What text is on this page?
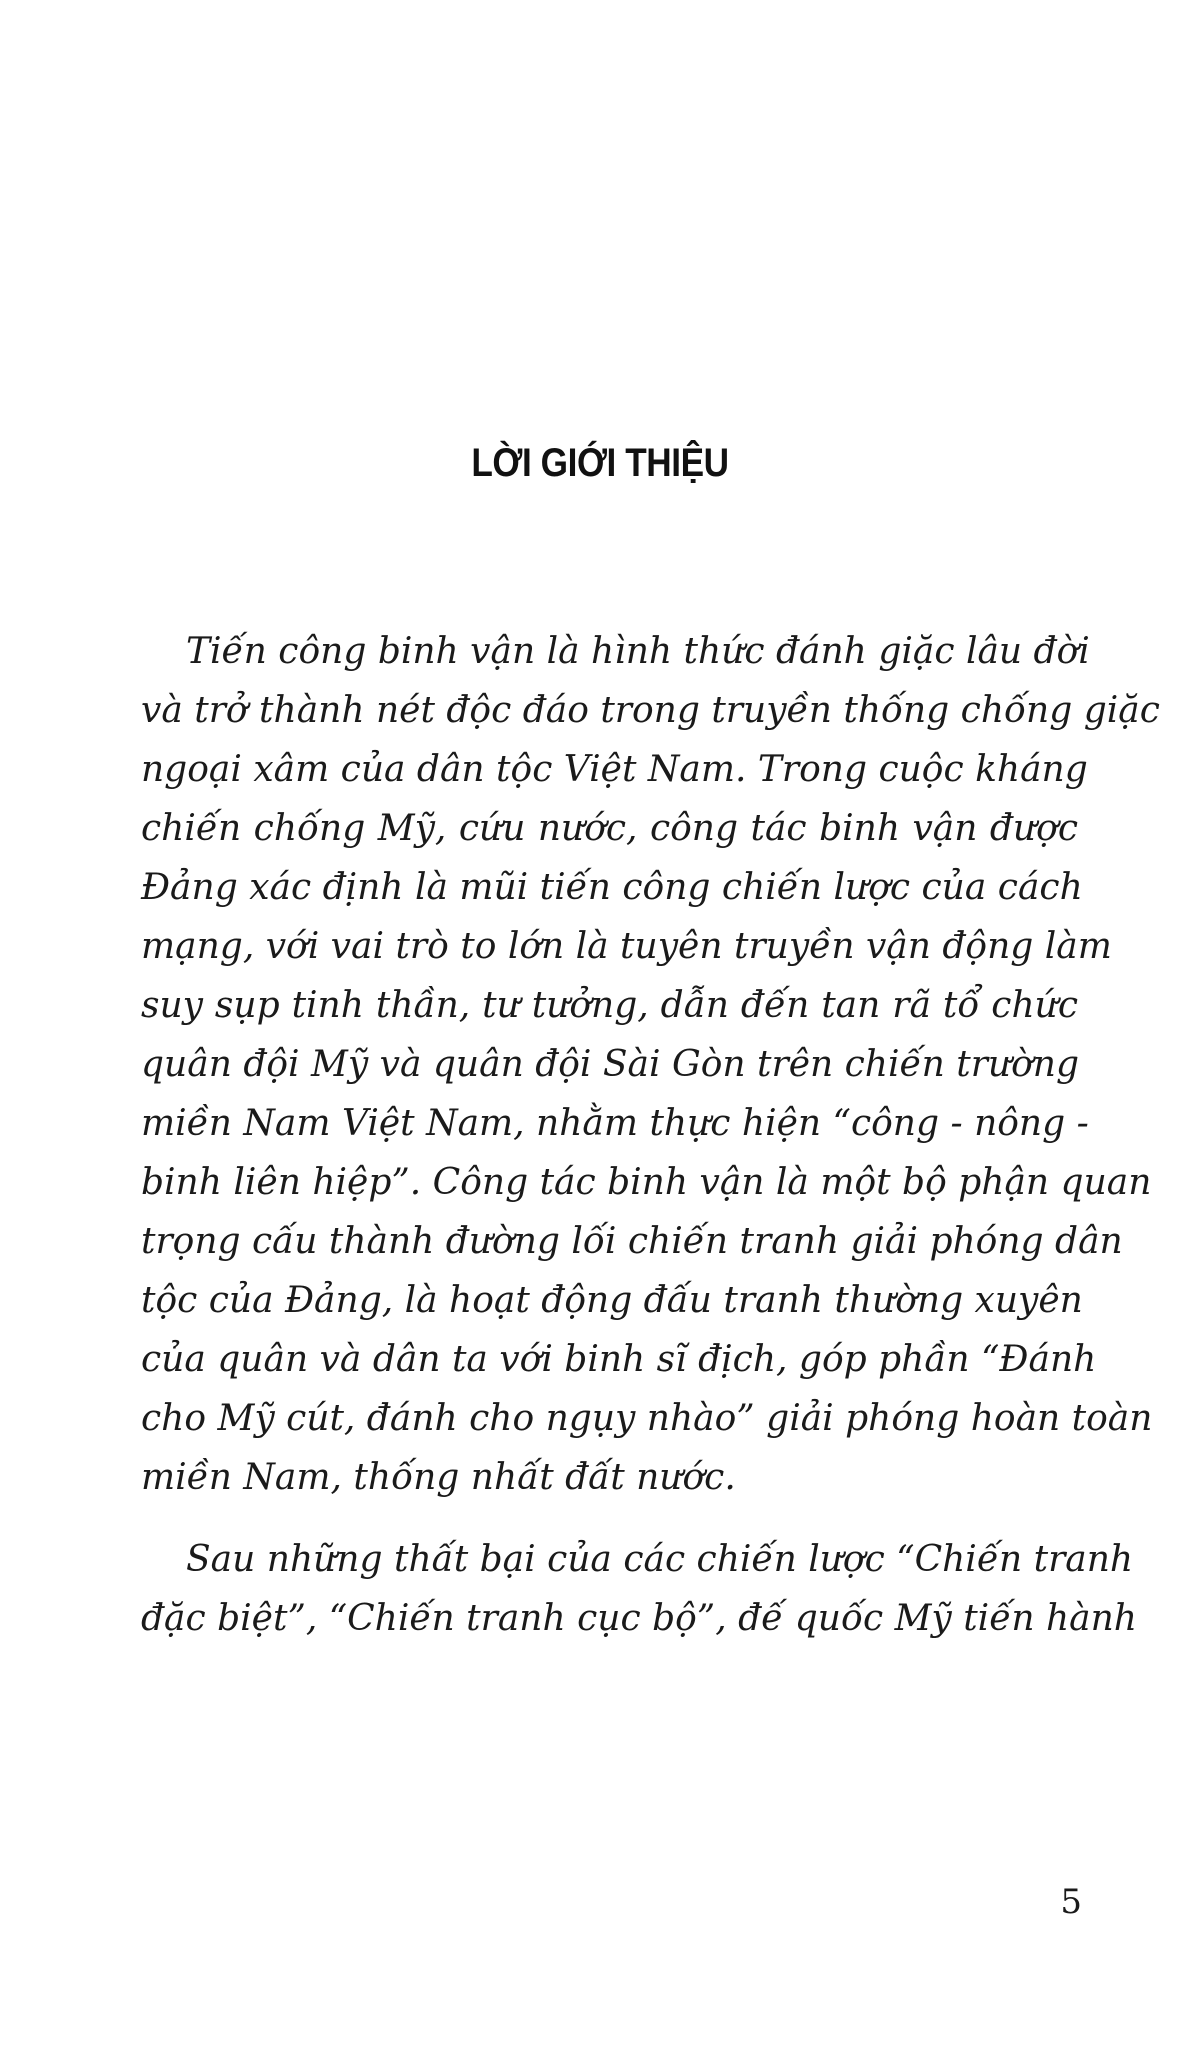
LỜI GIỚI THIỆU

Tiến công binh vận là hình thức đánh giặc lâu đời
và trở thành nét độc đáo trong truyền thống chống giặc
ngoại xâm của dân tộc Việt Nam. Trong cuộc kháng
chiến chống Mỹ, cứu nước, công tác binh vận được
Đảng xác định là mũi tiến công chiến lược của cách
mạng, với vai trò to lớn là tuyên truyền vận động làm
suy sụp tinh thần, tư tưởng, dẫn đến tan rã tổ chức
quân đội Mỹ và quân đội Sài Gòn trên chiến trường
miền Nam Việt Nam, nhằm thực hiện “công - nông -
binh liên hiệp”. Công tác binh vận là một bộ phận quan
trọng cấu thành đường lối chiến tranh giải phóng dân
tộc của Đảng, là hoạt động đấu tranh thường xuyên
của quân và dân ta với binh sĩ địch, góp phần “Đánh
cho Mỹ cút, đánh cho ngụy nhào” giải phóng hoàn toàn
miền Nam, thống nhất đất nước.

Sau những thất bại của các chiến lược “Chiến tranh
đặc biệt”, “Chiến tranh cục bộ”, đế quốc Mỹ tiến hành

5
